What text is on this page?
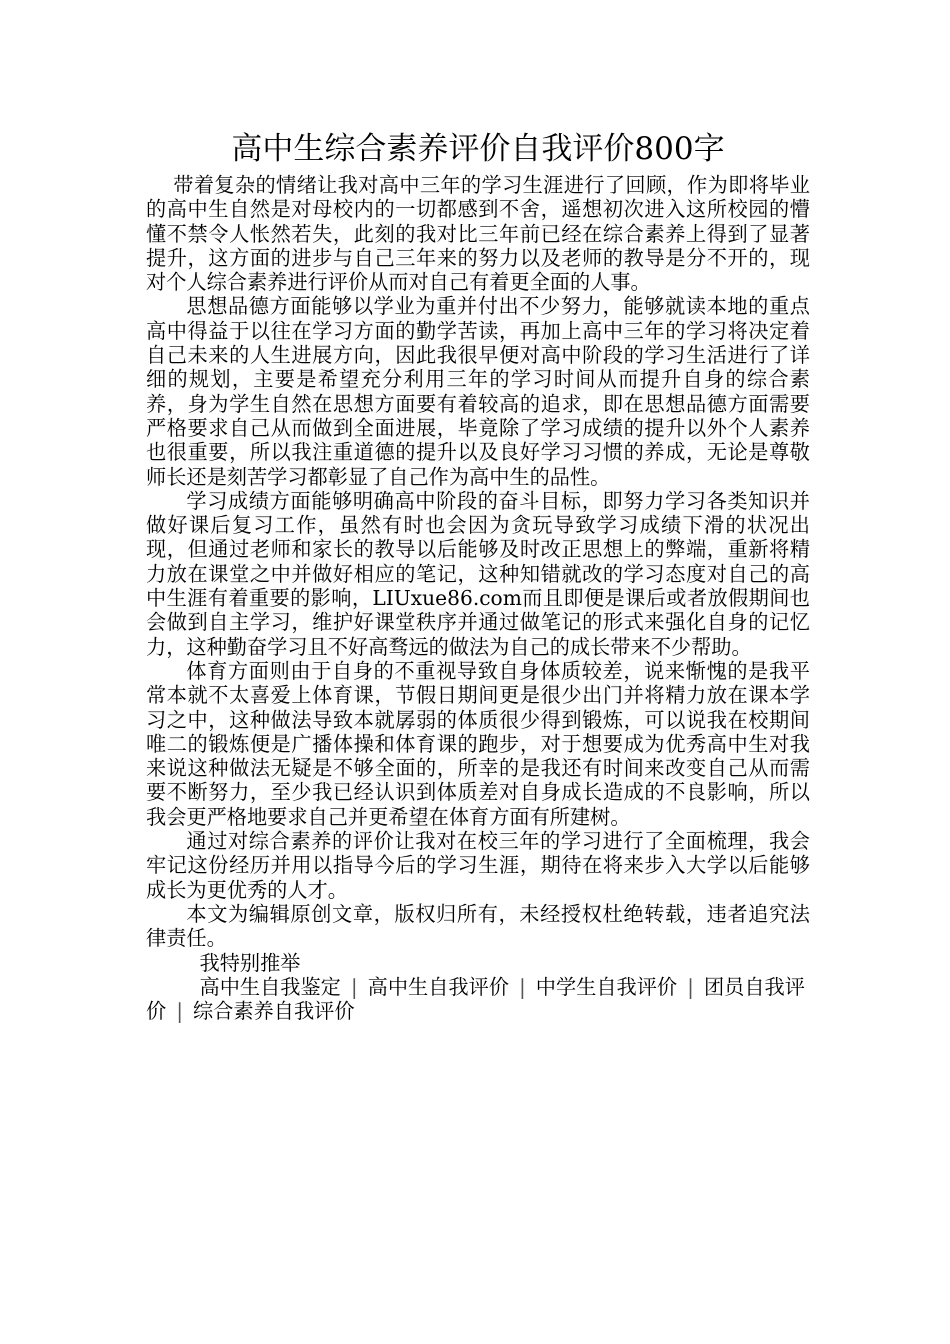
高中生综合素养评价自我评价800字

带着复杂的情绪让我对高中三年的学习生涯进行了回顾，作为即将毕业的高中生自然是对母校内的一切都感到不舍，遥想初次进入这所校园的懵懂不禁令人怅然若失，此刻的我对比三年前已经在综合素养上得到了显著提升，这方面的进步与自己三年来的努力以及老师的教导是分不开的，现对个人综合素养进行评价从而对自己有着更全面的人事。

思想品德方面能够以学业为重并付出不少努力，能够就读本地的重点高中得益于以往在学习方面的勤学苦读，再加上高中三年的学习将决定着自己未来的人生进展方向，因此我很早便对高中阶段的学习生活进行了详细的规划，主要是希望充分利用三年的学习时间从而提升自身的综合素养，身为学生自然在思想方面要有着较高的追求，即在思想品德方面需要严格要求自己从而做到全面进展，毕竟除了学习成绩的提升以外个人素养也很重要，所以我注重道德的提升以及良好学习习惯的养成，无论是尊敬师长还是刻苦学习都彰显了自己作为高中生的品性。

学习成绩方面能够明确高中阶段的奋斗目标，即努力学习各类知识并做好课后复习工作，虽然有时也会因为贪玩导致学习成绩下滑的状况出现，但通过老师和家长的教导以后能够及时改正思想上的弊端，重新将精力放在课堂之中并做好相应的笔记，这种知错就改的学习态度对自己的高中生涯有着重要的影响，LIUxue86.com而且即便是课后或者放假期间也会做到自主学习，维护好课堂秩序并通过做笔记的形式来强化自身的记忆力，这种勤奋学习且不好高骛远的做法为自己的成长带来不少帮助。

体育方面则由于自身的不重视导致自身体质较差，说来惭愧的是我平常本就不太喜爱上体育课，节假日期间更是很少出门并将精力放在课本学习之中，这种做法导致本就孱弱的体质很少得到锻炼，可以说我在校期间唯二的锻炼便是广播体操和体育课的跑步，对于想要成为优秀高中生对我来说这种做法无疑是不够全面的，所幸的是我还有时间来改变自己从而需要不断努力，至少我已经认识到体质差对自身成长造成的不良影响，所以我会更严格地要求自己并更希望在体育方面有所建树。

通过对综合素养的评价让我对在校三年的学习进行了全面梳理，我会牢记这份经历并用以指导今后的学习生涯，期待在将来步入大学以后能够成长为更优秀的人才。

本文为编辑原创文章，版权归所有，未经授权杜绝转载，违者追究法律责任。

我特别推举

高中生自我鉴定 | 高中生自我评价 | 中学生自我评价 | 团员自我评价 | 综合素养自我评价
